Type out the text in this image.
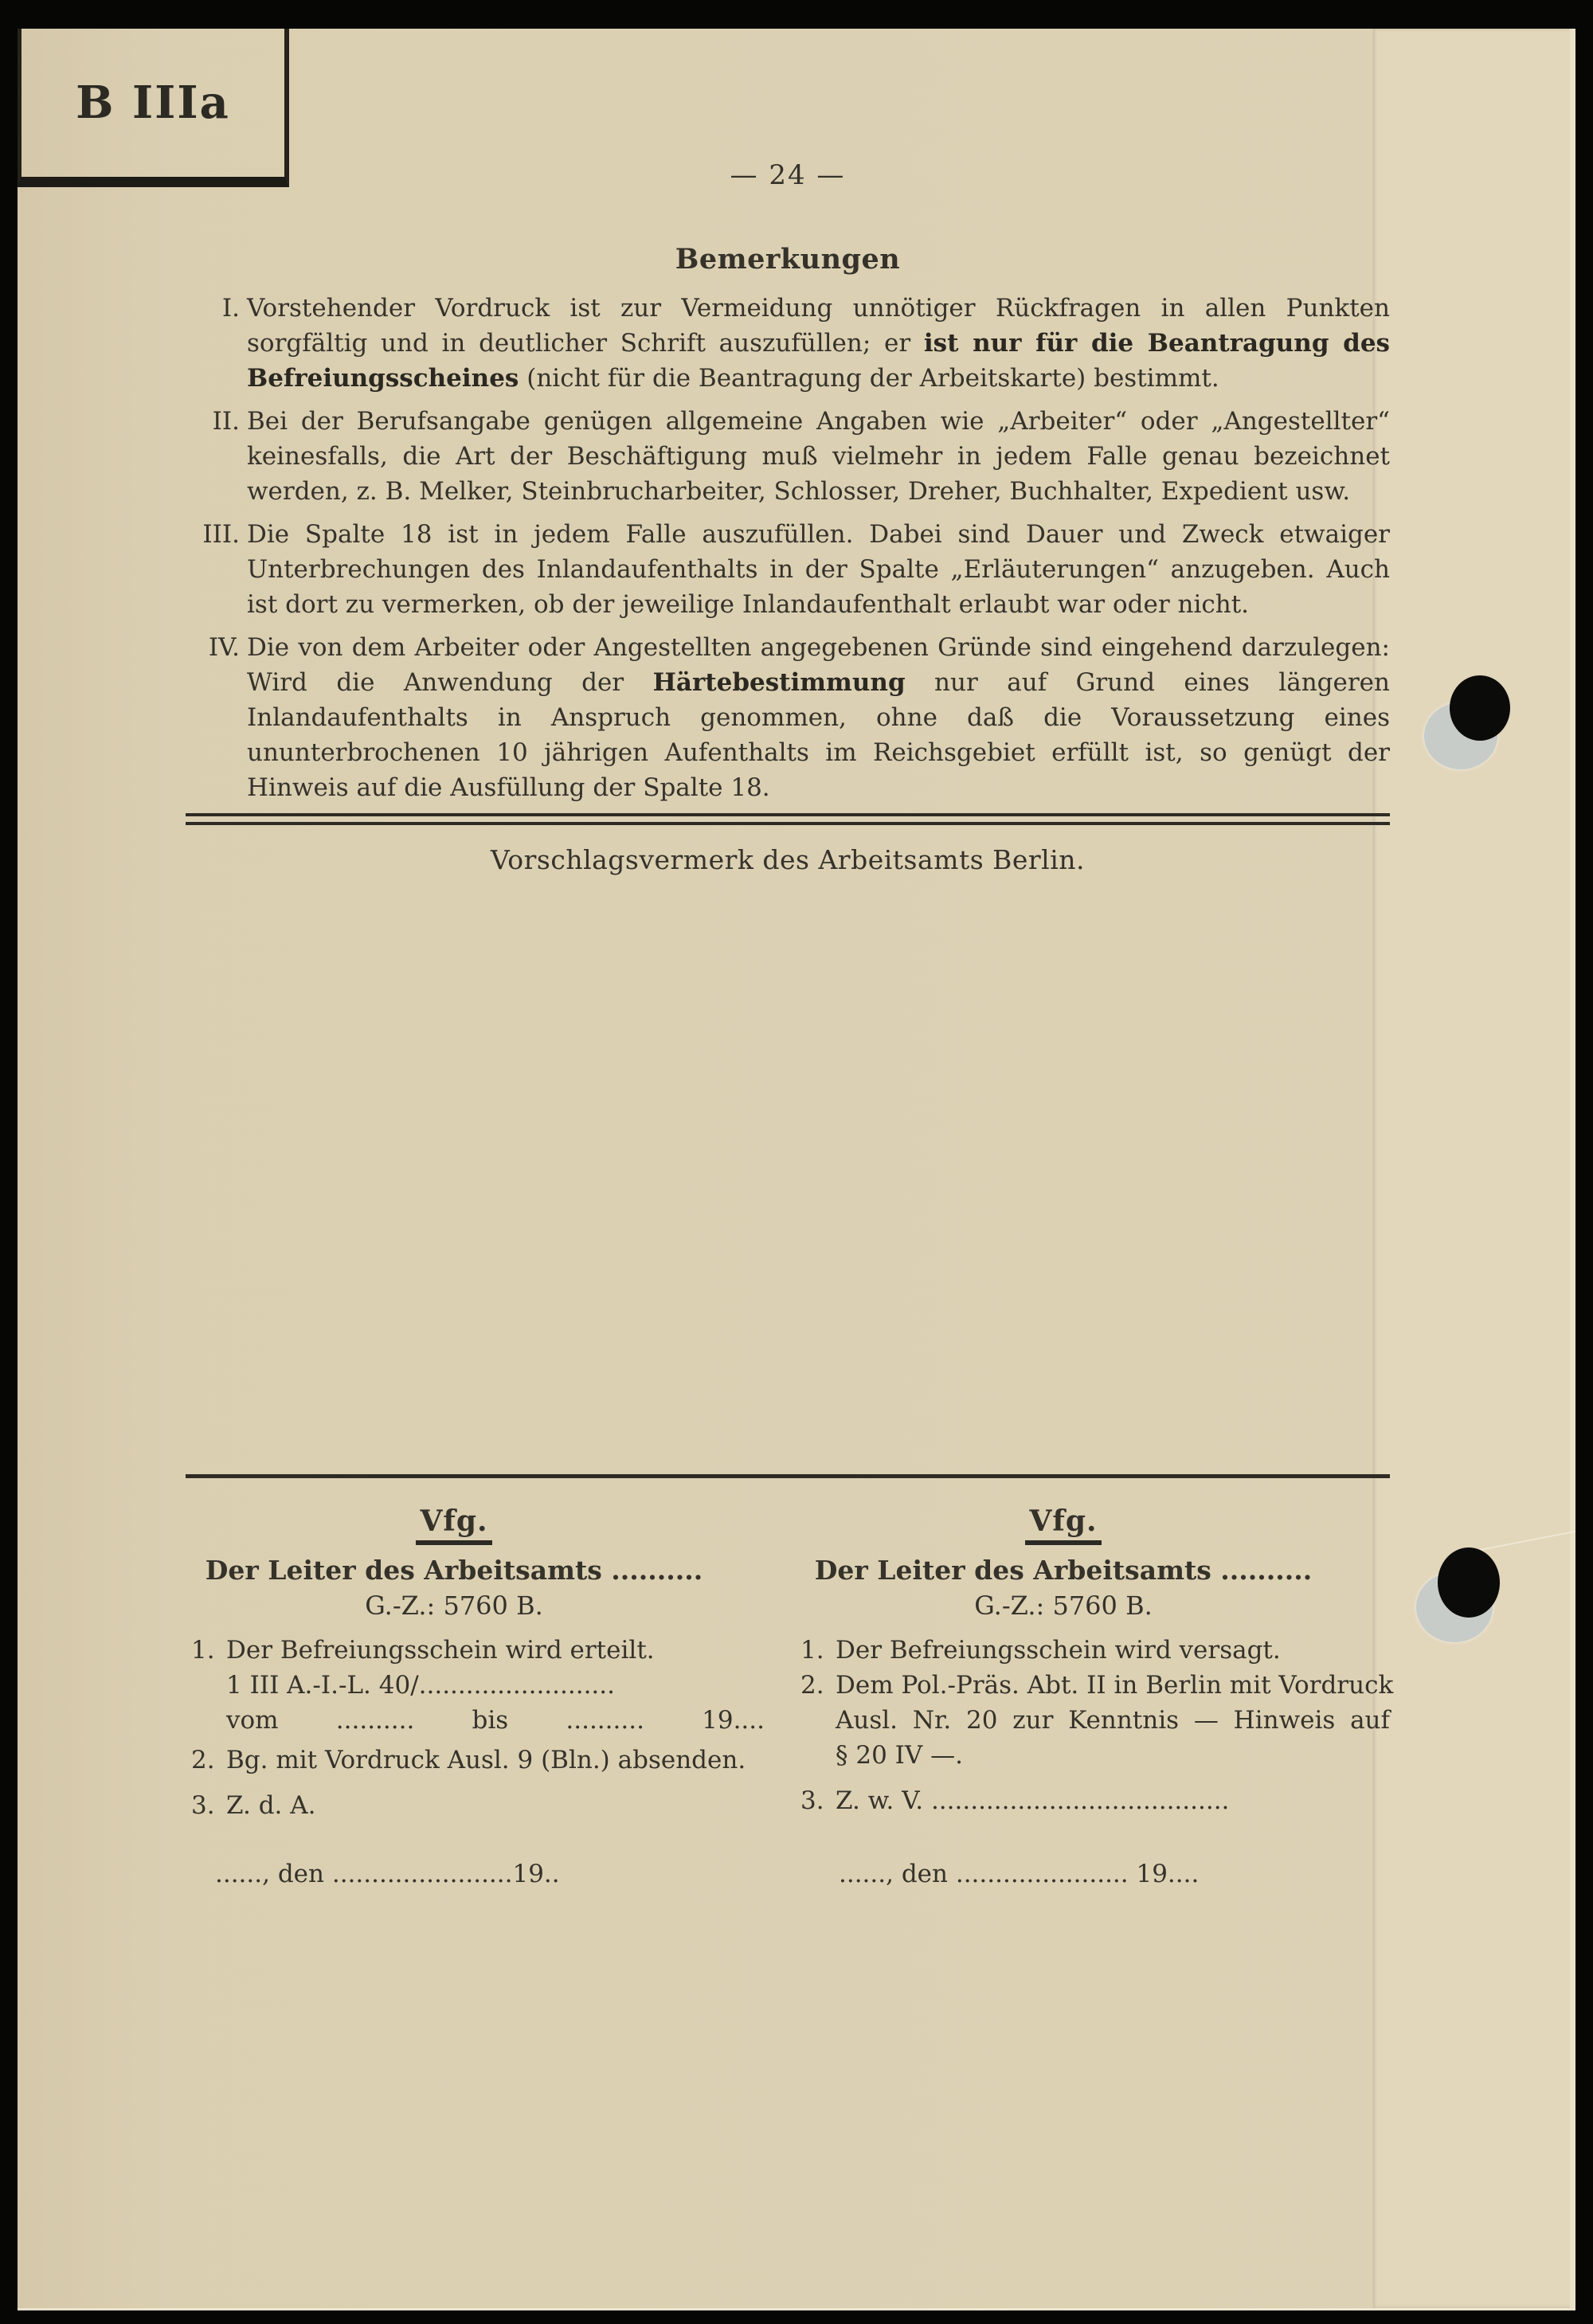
B IIIa
— 24 —
Bemerkungen
I. Vorstehender Vordruck ist zur Vermeidung unnötiger Rückfragen in allen Punkten sorgfältig und in deutlicher Schrift auszufüllen; er ist nur für die Beantragung des Befreiungsscheines (nicht für die Beantragung der Arbeitskarte) bestimmt.

II. Bei der Berufsangabe genügen allgemeine Angaben wie „Arbeiter“ oder „Angestellter“ keinesfalls, die Art der Beschäftigung muß vielmehr in jedem Falle genau bezeichnet werden, z. B. Melker, Steinbrucharbeiter, Schlosser, Dreher, Buchhalter, Expedient usw.

III. Die Spalte 18 ist in jedem Falle auszufüllen. Dabei sind Dauer und Zweck etwaiger Unterbrechungen des Inlandaufenthalts in der Spalte „Erläuterungen“ anzugeben. Auch ist dort zu vermerken, ob der jeweilige Inlandaufenthalt erlaubt war oder nicht.

IV. Die von dem Arbeiter oder Angestellten angegebenen Gründe sind eingehend darzulegen: Wird die Anwendung der Härtebestimmung nur auf Grund eines längeren Inlandaufenthalts in Anspruch genommen, ohne daß die Voraussetzung eines ununterbrochenen 10 jährigen Aufenthalts im Reichsgebiet erfüllt ist, so genügt der Hinweis auf die Ausfüllung der Spalte 18.

Vorschlagsvermerk des Arbeitsamts Berlin.
Vfg.
Der Leiter des Arbeitsamts ..........
G.-Z.: 5760 B.
1. Der Befreiungsschein wird erteilt.
1 III A.-I.-L. 40/.........................
vom .......... bis .......... 19....
2. Bg. mit Vordruck Ausl. 9 (Bln.) absenden.
3. Z. d. A.
Vfg.
Der Leiter des Arbeitsamts ..........
G.-Z.: 5760 B.
1. Der Befreiungsschein wird versagt.
2. Dem Pol.-Präs. Abt. II in Berlin mit Vordruck
Ausl. Nr. 20 zur Kenntnis — Hinweis auf
§ 20 IV —.
3. Z. w. V. ......................................
......, den .......................19..	......, den ...................... 19....
